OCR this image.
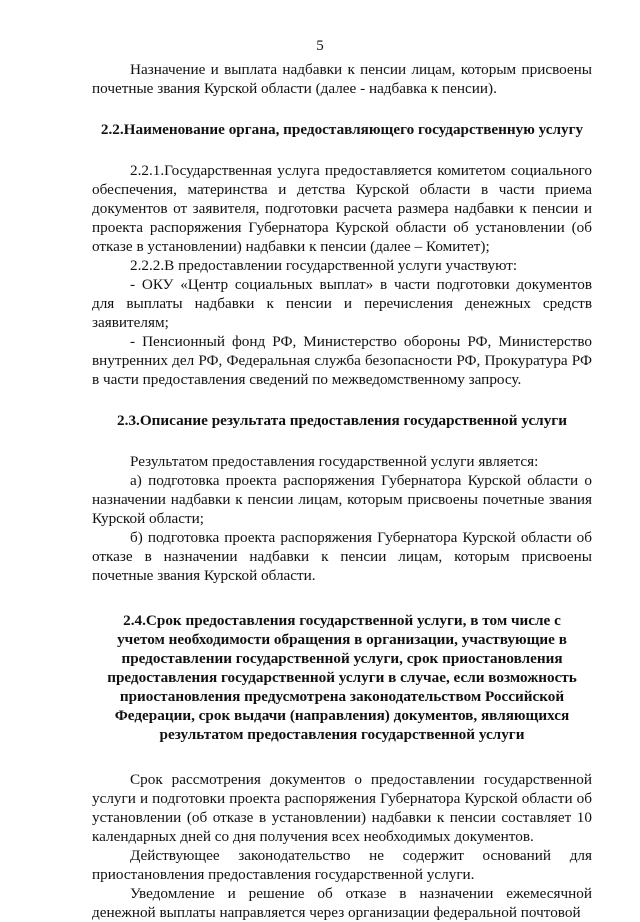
5

Назначение и выплата надбавки к пенсии лицам, которым присвоены почетные звания Курской области (далее - надбавка к пенсии).

2.2.Наименование органа, предоставляющего государственную услугу

2.2.1.Государственная услуга предоставляется комитетом социального обеспечения, материнства и детства Курской области в части приема документов от заявителя, подготовки расчета размера надбавки к пенсии и проекта распоряжения Губернатора Курской области об установлении (об отказе в установлении) надбавки к пенсии (далее – Комитет);

2.2.2.В предоставлении государственной услуги участвуют:

- ОКУ «Центр социальных выплат» в части подготовки документов для выплаты надбавки к пенсии и перечисления денежных средств заявителям;

- Пенсионный фонд РФ, Министерство обороны РФ, Министерство внутренних дел РФ, Федеральная служба безопасности РФ, Прокуратура РФ в части предоставления сведений по межведомственному запросу.

2.3.Описание результата предоставления государственной услуги

Результатом предоставления государственной услуги является:

а) подготовка проекта распоряжения Губернатора Курской области о назначении надбавки к пенсии лицам, которым присвоены почетные звания Курской области;

б) подготовка проекта распоряжения Губернатора Курской области об отказе в назначении надбавки к пенсии лицам, которым присвоены почетные звания Курской области.

2.4.Срок предоставления государственной услуги, в том числе с учетом необходимости обращения в организации, участвующие в предоставлении государственной услуги, срок приостановления предоставления государственной услуги в случае, если возможность приостановления предусмотрена законодательством Российской Федерации, срок выдачи (направления) документов, являющихся результатом предоставления государственной услуги

Срок рассмотрения документов о предоставлении государственной услуги и подготовки проекта распоряжения Губернатора Курской области об установлении (об отказе в установлении) надбавки к пенсии составляет 10 календарных дней со дня получения всех необходимых документов.

Действующее законодательство не содержит оснований для приостановления предоставления государственной услуги.

Уведомление и решение об отказе в назначении ежемесячной денежной выплаты направляется через организации федеральной почтовой
